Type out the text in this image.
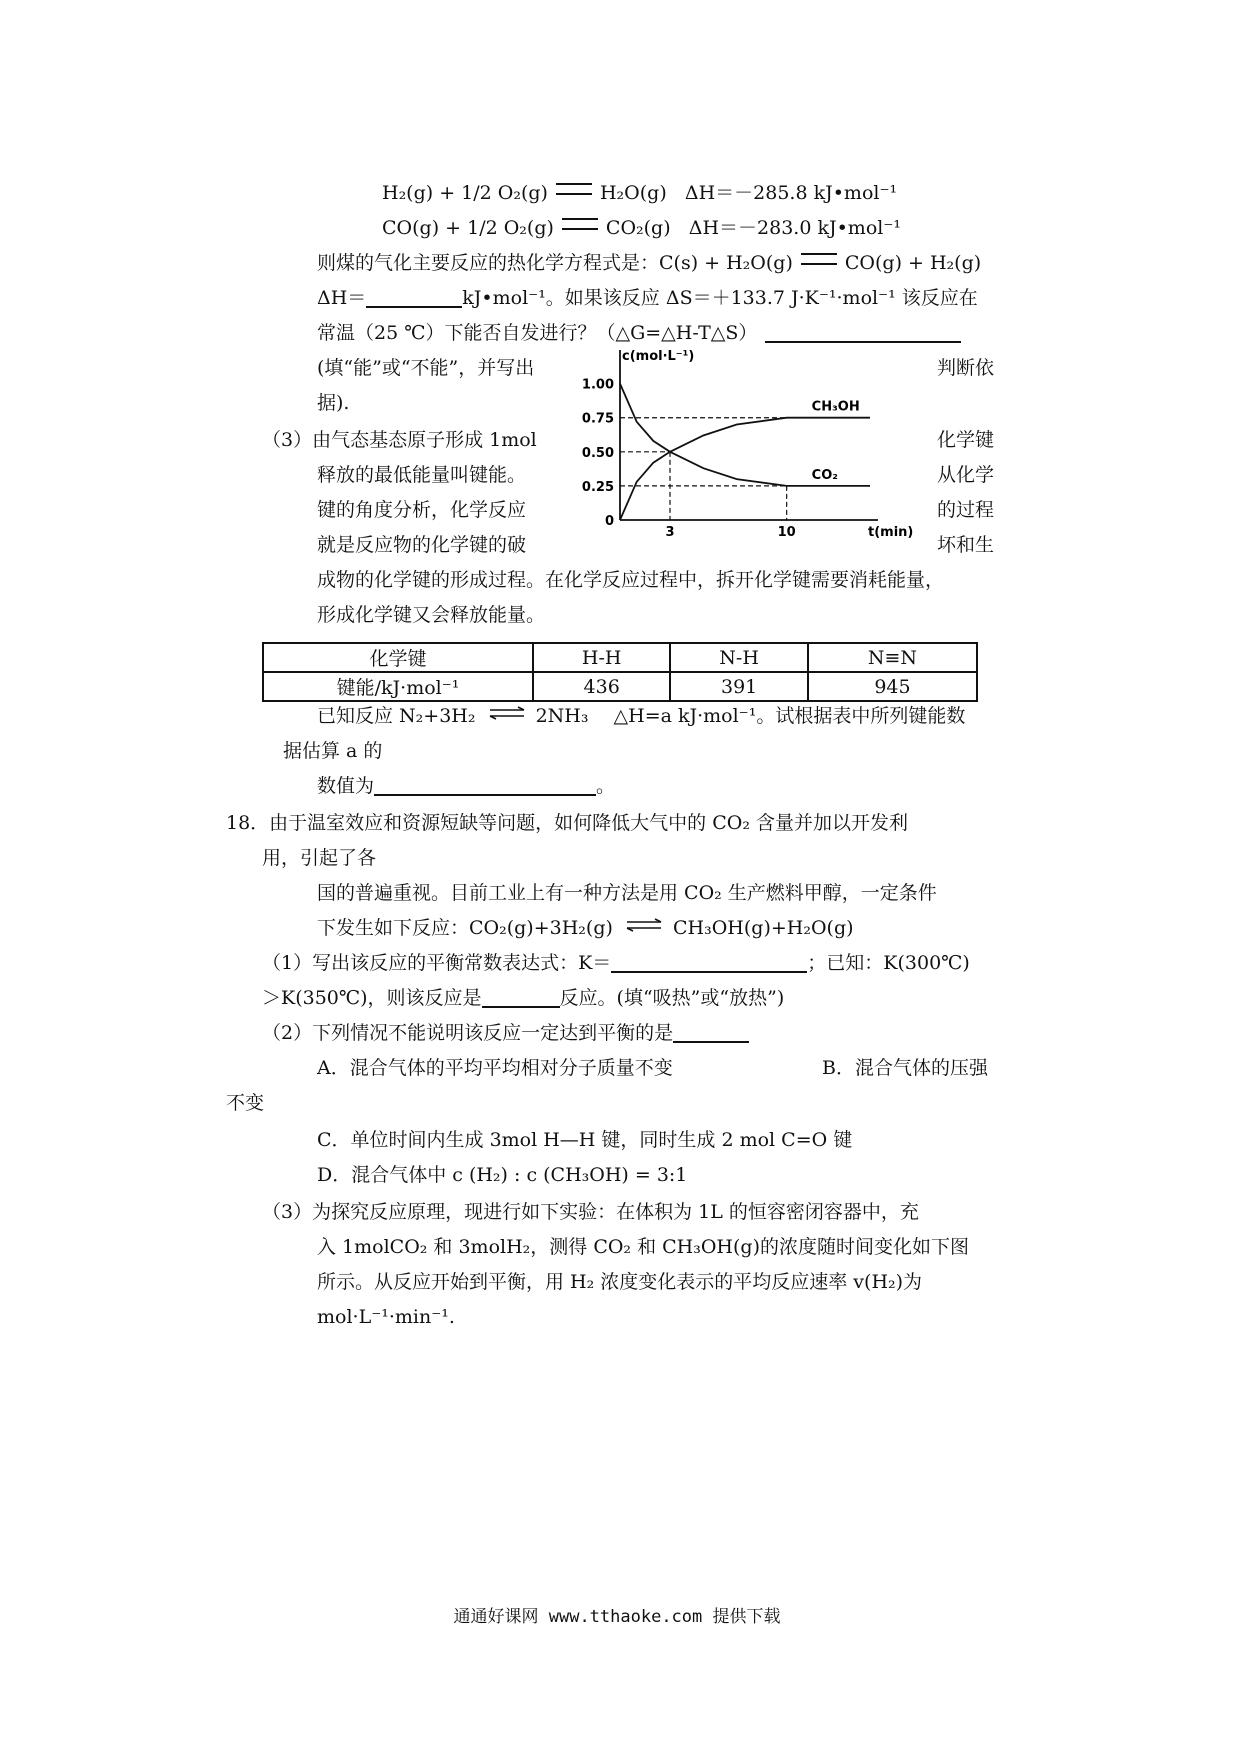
H₂(g) + 1/2 O₂(g)	H₂O(g) ΔH＝－285.8 kJ•mol⁻¹
CO(g) + 1/2 O₂(g)	CO₂(g) ΔH＝－283.0 kJ•mol⁻¹
则煤的气化主要反应的热化学方程式是：C(s) + H₂O(g)	CO(g) + H₂(g)
ΔH＝	kJ•mol⁻¹。如果该反应 ΔS＝＋133.7 J·K⁻¹·mol⁻¹ 该反应在
常温（25 ℃）下能否自发进行？（△G=△H-T△S）
(填“能”或“不能”，并写出	判断依
据).
（3）由气态基态原子形成 1mol	化学键
释放的最低能量叫键能。	从化学
键的角度分析，化学反应	的过程
就是反应物的化学键的破	坏和生
成物的化学键的形成过程。在化学反应过程中，拆开化学键需要消耗能量，
形成化学键又会释放能量。
c(mol·L⁻¹)
t(min)
1.00
0.75
0.50
0.25
0
3	10
CH₃OH
CO₂
化学键	H-H	N-H	N≡N
键能/kJ·mol⁻¹	436	391	945
已知反应 N₂+3H₂ ⇌ 2NH₃　 △H=a kJ·mol⁻¹。试根据表中所列键能数
据估算 a 的
数值为	。
18．由于温室效应和资源短缺等问题，如何降低大气中的 CO₂ 含量并加以开发利
用，引起了各
国的普遍重视。目前工业上有一种方法是用 CO₂ 生产燃料甲醇，一定条件
下发生如下反应：CO₂(g)+3H₂(g) ⇌ CH₃OH(g)+H₂O(g)
（1）写出该反应的平衡常数表达式：K＝	；已知：K(300℃)
＞K(350℃)，则该反应是	反应。(填“吸热”或“放热”)
（2）下列情况不能说明该反应一定达到平衡的是
A．混合气体的平均平均相对分子质量不变	B．混合气体的压强
不变
C．单位时间内生成 3mol H—H 键，同时生成 2 mol C=O 键
D．混合气体中 c (H₂) : c (CH₃OH) = 3:1
（3）为探究反应原理，现进行如下实验：在体积为 1L 的恒容密闭容器中，充
入 1molCO₂ 和 3molH₂，测得 CO₂ 和 CH₃OH(g)的浓度随时间变化如下图
所示。从反应开始到平衡，用 H₂ 浓度变化表示的平均反应速率 v(H₂)为
mol·L⁻¹·min⁻¹.
通通好课网 www.tthaoke.com 提供下载
